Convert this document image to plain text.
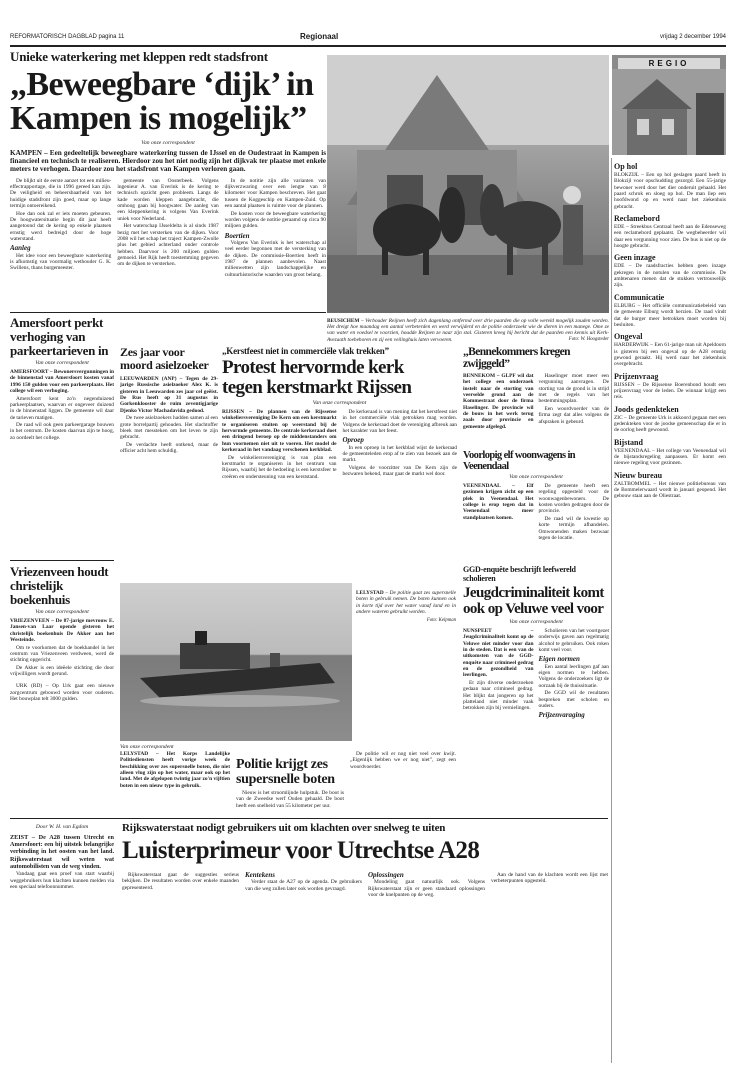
REFORMATORISCH DAGBLAD pagina 11	Regionaal	vrijdag 2 december 1994
Unieke waterkering met kleppen redt stadsfront
„Beweegbare ‘dijk’ in
Kampen is mogelijk”
Van onze correspondent
KAMPEN – Een gedeeltelijk beweegbare waterkering tussen de IJssel en de Oudestraat in Kampen is financieel en technisch te realiseren. Hierdoor zou het niet nodig zijn het dijkvak ter plaatse met enkele meters te verhogen. Daardoor zou het stadsfront van Kampen verloren gaan.

De blijkt uit de eerste aanzet tot een milieu-effectrapportage, die in 1996 gereed kan zijn. De veiligheid en beheersbaarheid van het huidige stadsfront zijn goed, maar op lange termijn ontoereikend.

Hoe dan ook zal er iets moeten gebeuren. De hoogwatersituatie begin dit jaar heeft aangetoond dat de kering op enkele plaatsen ernstig werd bedreigd door de hoge waterstand.

Aanleg

Het idee voor een beweegbare waterkering is afkomstig van voormalig wethouder G. K. Swillens, thans burgemeester.

gemeente van Oosterbeek. Volgens ingenieur A. van Everink is de kering te technisch opzicht geen probleem. Langs de kade worden kleppen aangebracht, die omhoog gaan bij hoogwater. De aanleg van een kleppenkering is volgens Van Everink uniek voor Nederland.

Het waterschap IJsseldelta is al sinds 1987 bezig met het versterken van de dijken. Voor 2008 wil het schap het traject Kampen-Zwolle plus het gebied achterland onder controle hebben. Daarvoor is 200 miljoen gulden gemoeid. Het Rijk heeft toestemming gegeven om de dijken te versterken.

In de notitie zijn alle varianten van dijkverzwaring over een lengte van 8 kilometer voor Kampen beschreven. Het gaat tussen de Koggeschip en Kampen-Zuid. Op een aantal plaatsen is ruimte voor de plannen.

De kosten voor de beweegbare waterkering worden volgens de notitie geraamd op circa 90 miljoen gulden.

Boertien

Volgens Van Everink is het waterschap al veel eerder begonnen met de versterking van de dijken. De commissie-Boertien heeft in 1987 de plannen aanbevolen. Naast milieuwetten zijn landschappelijke en cultuurhistorische waarden van groot belang.

BEUSICHEM – Verbouder Reijnen heeft zich dagenlang ontfermd over drie paarden die op volle wereld mogelijk zouden worden. Het dreigt hoe maandag een aantal verbeterden en werd verwijderd en de politie onderzoekt wie de dieren in een manege. Ome ze van water en voedsel te voorzien, houdde Reijnen ze naar zijn stal. Gisteren kreeg hij bericht dat de paarden een kennis uit Kerk-Avezaath toebehoren en zij een veilinghuis laten vervoeren.	Foto: W. Hoogsteder
REGIO
Op hol

BLOKZIJL – Een op hol geslagen paard heeft in Blokzijl voor opschudding gezorgd. Een 55-jarige bewoner werd door het dier onderuit gehaald. Het paard schrok en sloeg op hol. De man liep een hoofdwond op en werd naar het ziekenhuis gebracht.

Reclamebord

EDE – Streekbus Centraal heeft aan de Edenseweg een reclamebord geplaatst. De wegbeheerder wil daar een vergunning voor zien. De bus is niet op de hoogte gebracht.

Geen inzage

EDE – De raadsfracties hebben geen inzage gekregen in de notulen van de commissie. De ambtenaren menen dat de stukken vertrouwelijk zijn.

Communicatie

ELBURG – Het officiële communicatiebeleid van de gemeente Elburg wordt herzien. De raad vindt dat de burger meer betrokken moet worden bij besluiten.

Ongeval

HARDERWIJK – Een 61-jarige man uit Apeldoorn is gisteren bij een ongeval op de A28 ernstig gewond geraakt. Hij werd naar het ziekenhuis overgebracht.

Prijzenvraag

RIJSSEN – De Rijssense Boerenbond houdt een prijzenvraag voor de leden. De winnaar krijgt een reis.

Joods gedenkteken

ZIC – De gemeente Urk is akkoord gegaan met een gedenkteken voor de joodse gemeenschap die er in de oorlog heeft gewoond.

Bijstand

VEENENDAAL – Het college van Veenendaal wil de bijstandsregeling aanpassen. Er komt een nieuwe regeling voor gezinnen.

Nieuw bureau

ZALTBOMMEL – Het nieuwe politiebureau van de Bommelerwaard wordt in januari geopend. Het gebouw staat aan de Oliestraat.

Amersfoort perkt verhoging van parkeertarieven in
Van onze correspondent

AMERSFOORT – Bewonersvergunningen in de binnenstad van Amersfoort kosten vanaf 1996 150 gulden voor een parkeerplaats. Het college wil een verhoging.

Amersfoort kent zo'n negenduizend parkeerplaatsen, waarvan er ongeveer duizend in de binnenstad liggen. De gemeente wil daar de tarieven matigen.

De raad wil ook geen parkeergarage bouwen in het centrum. De kosten daarvan zijn te hoog, zo oordeelt het college.

Vriezenveen houdt christelijk boekenhuis
Van onze correspondent

VRIEZENVEEN – De 87-jarige mevrouw E. Jansen-van Laar opende gisteren het christelijk boekenhuis De Akker aan het Westeinde.

Om te voorkomen dat de boekhandel in het centrum van Vriezenveen verdween, werd de stichting opgericht.

De Akker is een ideëele stichting die door vrijwilligers wordt gerund.

URK (RD) – Op Urk gaat een nieuwe zorgcentrum gebouwd worden voor ouderen. Het bouwplan telt 3000 gulden.

Zes jaar voor moord asielzoeker

LEEUWARDEN (ANP) – Tegen de 29-jarige Russische asielzoeker Alex K. is gisteren in Leeuwarden zes jaar cel geëist. De Rus heeft op 31 augustus in Gorkenklooster de ruim zeventigjarige Djenko Victor Machadavida gedood.

De twee asielzoekers hadden samen al een grote borrelpartij gehouden. Het slachtoffer bleek met messteken om het leven te zijn gebracht.

De verdachte heeft ontkend, maar de officier acht hem schuldig.

„Kerstfeest niet in commerciële vlak trekken”
Protest hervormde kerk
tegen kerstmarkt Rijssen
Van onze correspondent

RIJSSEN – De plannen van de Rijssense winkeliersvereniging De Kern om een kerstmarkt te organiseren stuiten op weerstand bij de hervormde gemeente. De centrale kerkeraad doet een dringend beroep op de middenstanders om hun voornemen niet uit te voeren. Het model de kerkeraad in het vandaag verschenen kerkblad.

De winkeliersvereniging is van plan een kerstmarkt te organiseren in het centrum van Rijssen, waarbij het de bedoeling is een kerstsfeer te creëren en ondersteuning van een kerststand.

De kerkeraad is van mening dat het kerstfeest niet in het commerciële vlak getrokken mag worden. Volgens de kerkeraad doet de vereniging afbreuk aan het karakter van het feest.

Oproep

In een oproep in het kerkblad wijst de kerkeraad de gemeenteleden erop af te zien van bezoek aan de markt.

Volgens de voorzitter van De Kern zijn de bezwaren bekend, maar gaat de markt wel door.

LELYSTAD – De politie gaat zes supersnelle boten in gebruik nemen. De boten kunnen ook in korte tijd over het water vanaf land en in andere wateren gebruikt worden.
Foto: Kelpman
Van onze correspondent

LELYSTAD – Het Korps Landelijke Politiediensten heeft vorige week de beschikking over zes supersnelle boten, die niet alleen vlug zijn op het water, maar ook op het land. Met de afgelopen twintig jaar zo'n vijftien boten in een nieuw type in gebruik.

Politie krijgt zes supersnelle boten

Nieuw is het stroomlijnde hulpstuk. De boot is van de Zweedse werf Ouden gehaald. De boot heeft een snelheid van 55 kilometer per uur.

De politie wil er nog niet veel over kwijt. „Eigenlijk hebben we er nog niet”, zegt een woordvoerder.

„Bennekommers kregen zwijggeld”

BENNEKOM – GLPF wil dat het college een onderzoek instelt naar de storting van veerselde grond aan de Kommestraat door de firma Haselinger. De provincie wil de bouw in het werk terug zoals door provincie en gemeente afgelegd.

Haselinger moet meer een vergunning aanvragen. De storting van de grond is in strijd met de regels van het bestemmingsplan.

Een woordvoerder van de firma zegt dat alles volgens de afspraken is gebeurd.

Voorlopig elf woonwagens in Veenendaal
Van onze correspondent

VEENENDAAL – Elf gezinnen krijgen zicht op een plek in Veenendaal. Het college is erop tegen dat in Veenendaal meer standplaatsen komen.

De gemeente heeft een regeling opgesteld voor de woonwagenbewoners. De kosten worden gedragen door de provincie.

De raad wil de kwestie op korte termijn afhandelen. Omwonenden maken bezwaar tegen de locatie.

GGD-enquête beschrijft leefwereld scholieren
Jeugdcriminaliteit komt
ook op Veluwe veel voor
Van onze correspondent

NUNSPEET – Jeugdcriminaliteit komt op de Veluwe niet minder voor dan in de steden. Dat is een van de uitkomsten van de GGD-enquête naar crimineel gedrag en de gezondheid van leerlingen.

Er zijn diverse onderzoeken gedaan naar crimineel gedrag. Het blijkt dat jongeren op het platteland niet minder vaak betrokken zijn bij vernielingen.

Scholieren van het voortgezet onderwijs gaven aan regelmatig alcohol te gebruiken. Ook roken komt veel voor.

Eigen normen

Een aantal leerlingen gaf aan eigen normen te hebben. Volgens de onderzoekers ligt de oorzaak bij de thuissituatie.

De GGD wil de resultaten bespreken met scholen en ouders.

Prijzenvaraging
Door W. H. van Egdom	Rijkswaterstaat nodigt gebruikers uit om klachten over snelweg te uiten
Luisterprimeur voor Utrechtse A28

ZEIST – De A28 tussen Utrecht en Amersfoort: een bij uitstek belangrijke verbinding in het oosten van het land. Rijkswaterstaat wil weten wat automobilisten van de weg vinden.

Vandaag gaat een proef van start waarbij weggebruikers hun klachten kunnen melden via een speciaal telefoonnummer.

Rijkswaterstaat gaat de suggesties serieus bekijken. De resultaten worden over enkele maanden gepresenteerd.

Kentekens

Verder staat de A27 op de agenda. De gebruikers van die weg zullen later ook worden gevraagd.

Oplossingen

Mondeling gaat natuurlijk ook. Volgens Rijkswaterstaat zijn er geen standaard oplossingen voor de knelpunten op de weg.

Aan de hand van de klachten wordt een lijst met verbeterpunten opgesteld.
